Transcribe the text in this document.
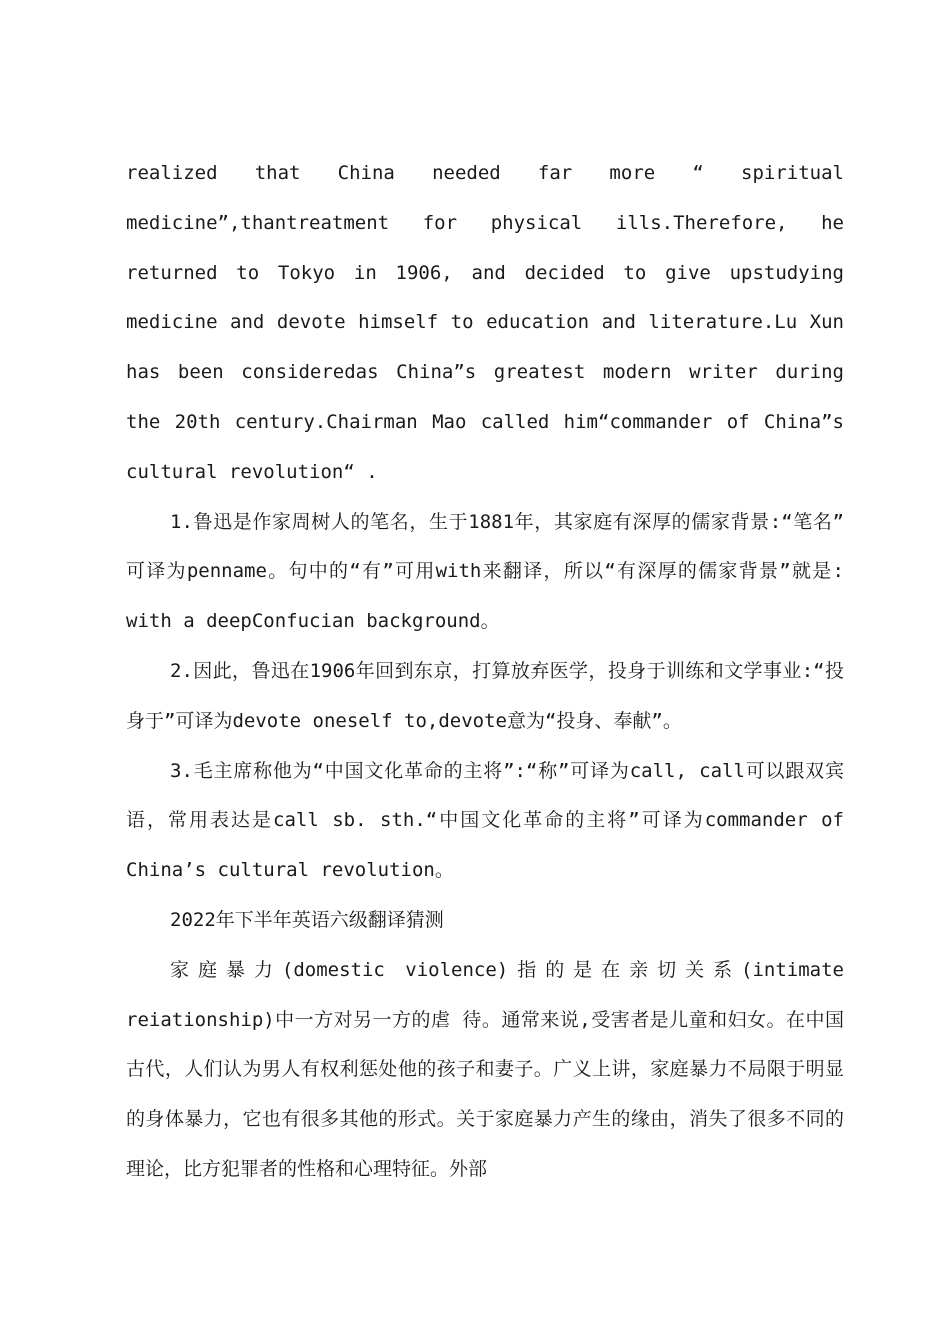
realized that China needed far more “ spiritual medicine”,thantreatment for physical ills.Therefore, he returned to Tokyo in 1906, and decided to give upstudying medicine and devote himself to education and literature.Lu Xun has been consideredas China”s greatest modern writer during the 20th century.Chairman Mao called him“commander of China”s cultural revolution“ .

1.鲁迅是作家周树人的笔名，生于1881年，其家庭有深厚的儒家背景:“笔名” 可译为penname。句中的“有”可用with来翻译，所以“有深厚的儒家背景”就是: with a deepConfucian background。

2.因此，鲁迅在1906年回到东京，打算放弃医学，投身于训练和文学事业:“投身于”可译为devote oneself to,devote意为“投身、奉献”。

3.毛主席称他为“中国文化革命的主将”:“称”可译为call, call可以跟双宾语，常用表达是call sb. sth.“中国文化革命的主将”可译为commander of China’s cultural revolution。

2022年下半年英语六级翻译猜测

家庭暴力(domestic violence)指的是在亲切关系(intimate reiationship)中一方对另一方的虐 待。通常来说,受害者是儿童和妇女。在中国古代，人们认为男人有权利惩处他的孩子和妻子。广义上讲，家庭暴力不局限于明显的身体暴力，它也有很多其他的形式。关于家庭暴力产生的缘由，消失了很多不同的理论，比方犯罪者的性格和心理特征。外部
